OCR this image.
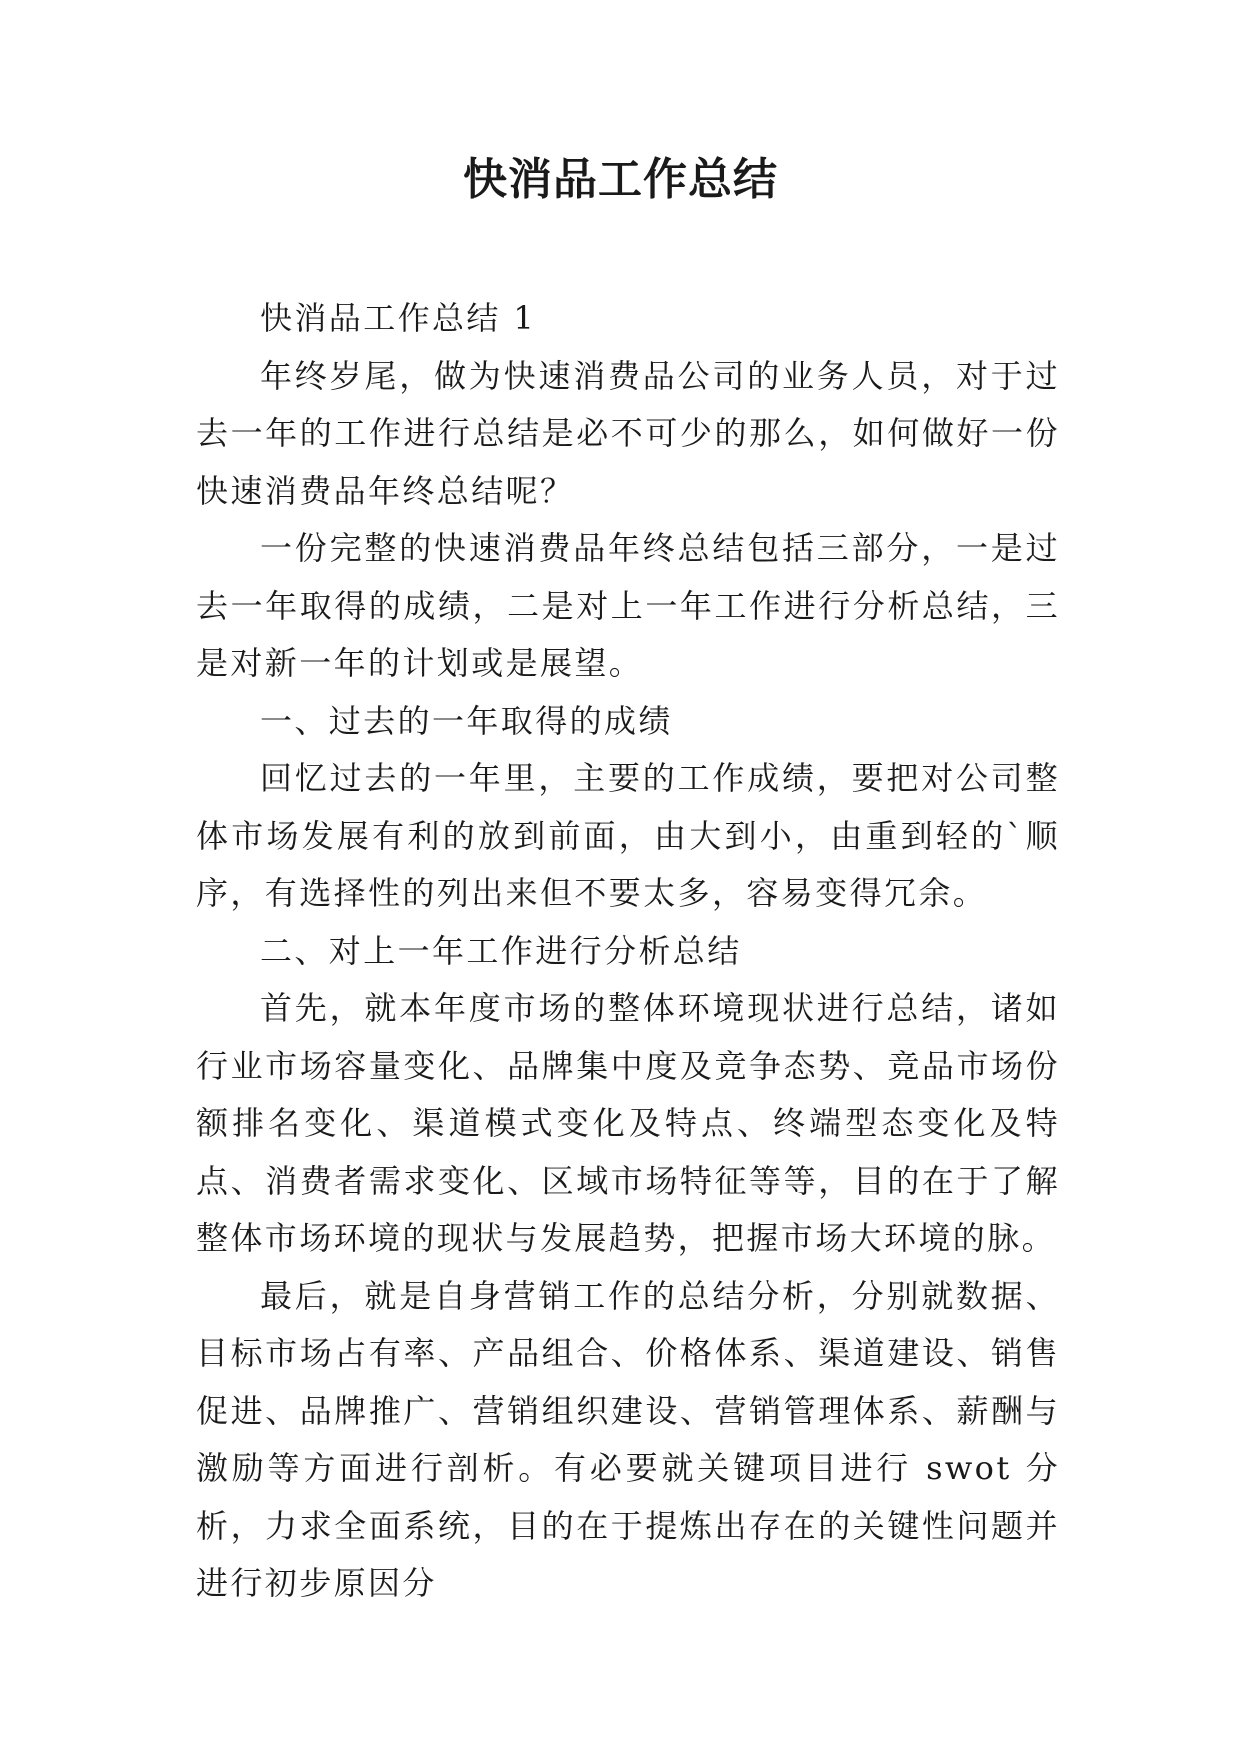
快消品工作总结

快消品工作总结 1

年终岁尾，做为快速消费品公司的业务人员，对于过去一年的工作进行总结是必不可少的那么，如何做好一份快速消费品年终总结呢？

一份完整的快速消费品年终总结包括三部分，一是过去一年取得的成绩，二是对上一年工作进行分析总结，三是对新一年的计划或是展望。

一、过去的一年取得的成绩

回忆过去的一年里，主要的工作成绩，要把对公司整体市场发展有利的放到前面，由大到小，由重到轻的`顺序，有选择性的列出来但不要太多，容易变得冗余。

二、对上一年工作进行分析总结

首先，就本年度市场的整体环境现状进行总结，诸如行业市场容量变化、品牌集中度及竞争态势、竞品市场份额排名变化、渠道模式变化及特点、终端型态变化及特点、消费者需求变化、区域市场特征等等，目的在于了解整体市场环境的现状与发展趋势，把握市场大环境的脉。

最后，就是自身营销工作的总结分析，分别就数据、目标市场占有率、产品组合、价格体系、渠道建设、销售促进、品牌推广、营销组织建设、营销管理体系、薪酬与激励等方面进行剖析。有必要就关键项目进行 swot 分析，力求全面系统，目的在于提炼出存在的关键性问题并进行初步原因分
